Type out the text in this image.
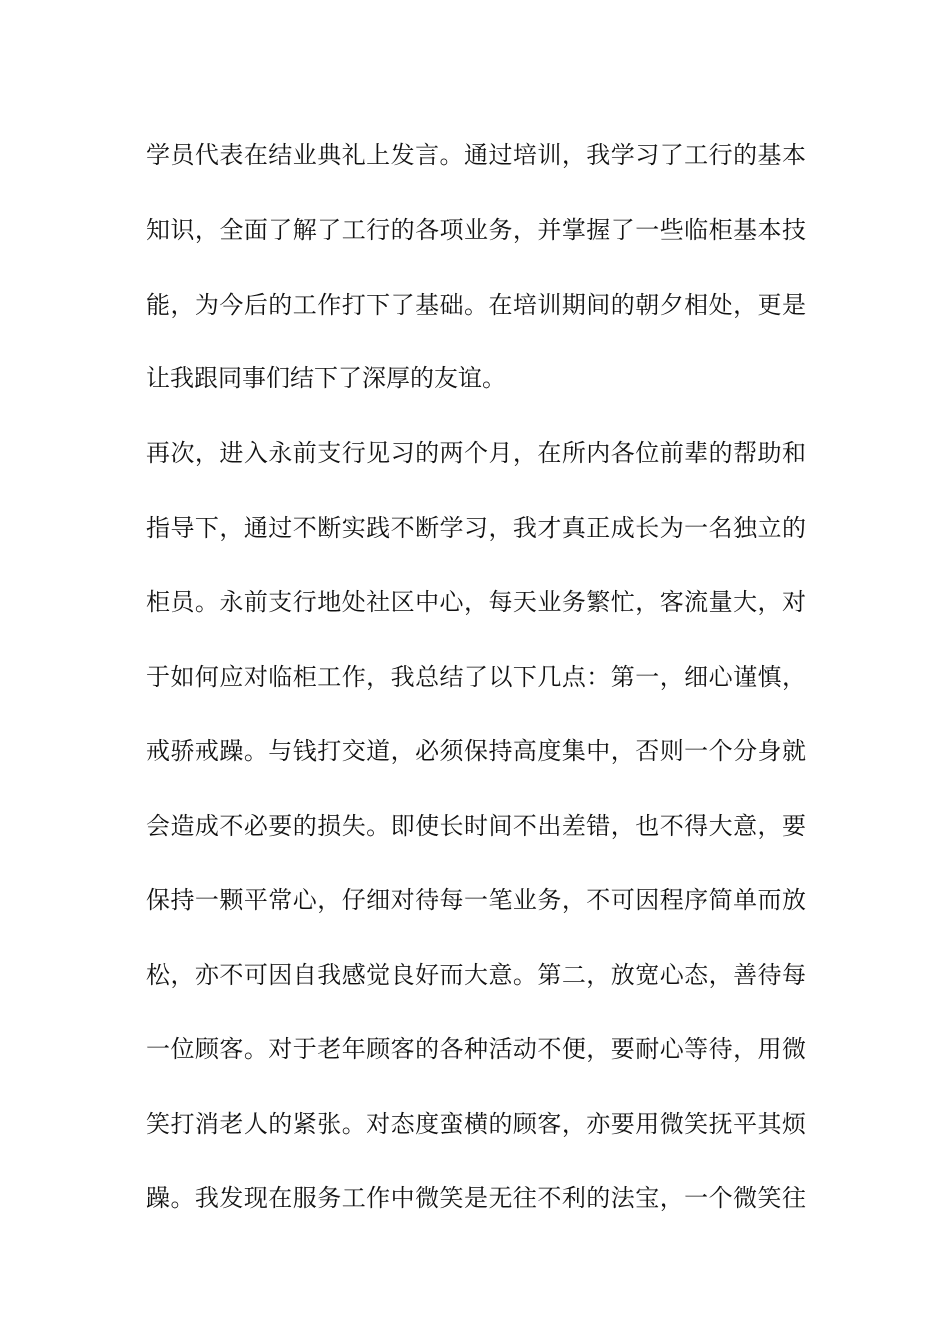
学员代表在结业典礼上发言。通过培训，我学习了工行的基本
知识，全面了解了工行的各项业务，并掌握了一些临柜基本技
能，为今后的工作打下了基础。在培训期间的朝夕相处，更是
让我跟同事们结下了深厚的友谊。
再次，进入永前支行见习的两个月，在所内各位前辈的帮助和
指导下，通过不断实践不断学习，我才真正成长为一名独立的
柜员。永前支行地处社区中心，每天业务繁忙，客流量大，对
于如何应对临柜工作，我总结了以下几点：第一，细心谨慎，
戒骄戒躁。与钱打交道，必须保持高度集中，否则一个分身就
会造成不必要的损失。即使长时间不出差错，也不得大意，要
保持一颗平常心，仔细对待每一笔业务，不可因程序简单而放
松，亦不可因自我感觉良好而大意。第二，放宽心态，善待每
一位顾客。对于老年顾客的各种活动不便，要耐心等待，用微
笑打消老人的紧张。对态度蛮横的顾客，亦要用微笑抚平其烦
躁。我发现在服务工作中微笑是无往不利的法宝，一个微笑往
